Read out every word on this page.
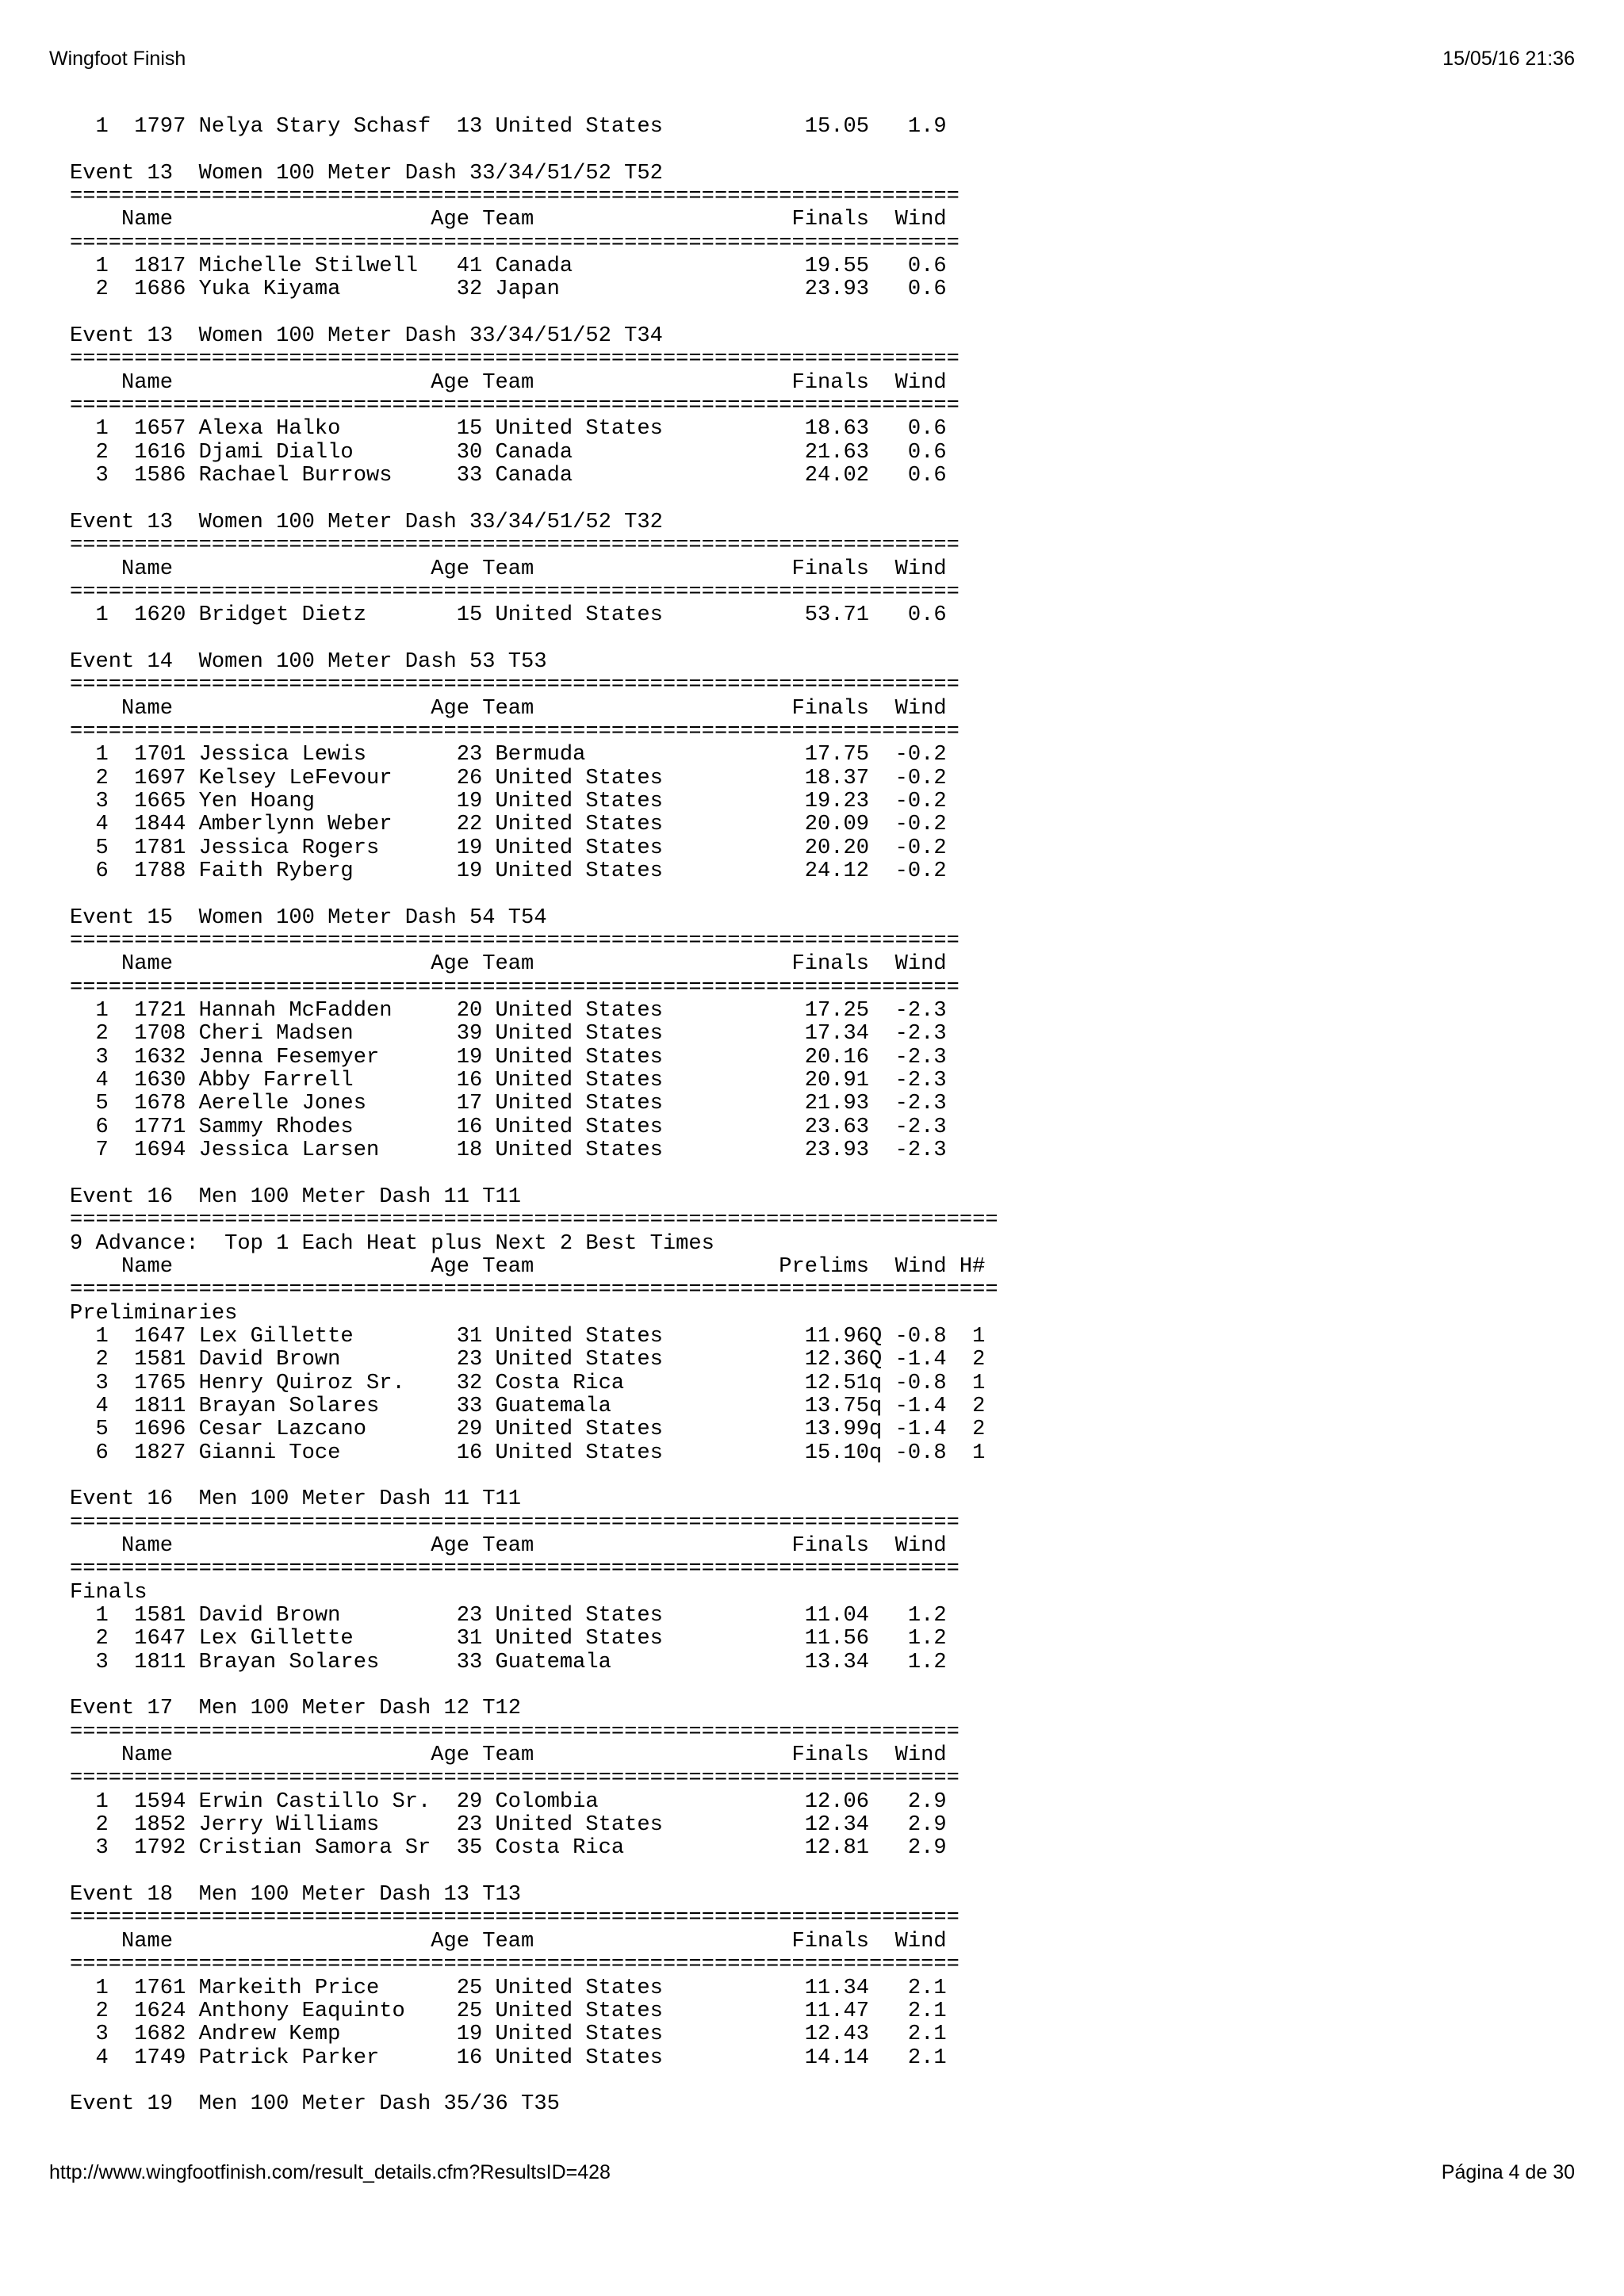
Wingfoot Finish	15/05/16 21:36
1  1797 Nelya Stary Schasf  13 United States           15.05   1.9
Event 13  Women 100 Meter Dash 33/34/51/52 T52
=====================================================================
Name                    Age Team                    Finals  Wind
=====================================================================
1  1817 Michelle Stilwell   41 Canada                  19.55   0.6
2  1686 Yuka Kiyama         32 Japan                   23.93   0.6
Event 13  Women 100 Meter Dash 33/34/51/52 T34
=====================================================================
Name                    Age Team                    Finals  Wind
=====================================================================
1  1657 Alexa Halko         15 United States           18.63   0.6
2  1616 Djami Diallo        30 Canada                  21.63   0.6
3  1586 Rachael Burrows     33 Canada                  24.02   0.6
Event 13  Women 100 Meter Dash 33/34/51/52 T32
=====================================================================
Name                    Age Team                    Finals  Wind
=====================================================================
1  1620 Bridget Dietz       15 United States           53.71   0.6
Event 14  Women 100 Meter Dash 53 T53
=====================================================================
Name                    Age Team                    Finals  Wind
=====================================================================
1  1701 Jessica Lewis       23 Bermuda                 17.75  -0.2
2  1697 Kelsey LeFevour     26 United States           18.37  -0.2
3  1665 Yen Hoang           19 United States           19.23  -0.2
4  1844 Amberlynn Weber     22 United States           20.09  -0.2
5  1781 Jessica Rogers      19 United States           20.20  -0.2
6  1788 Faith Ryberg        19 United States           24.12  -0.2
Event 15  Women 100 Meter Dash 54 T54
=====================================================================
Name                    Age Team                    Finals  Wind
=====================================================================
1  1721 Hannah McFadden     20 United States           17.25  -2.3
2  1708 Cheri Madsen        39 United States           17.34  -2.3
3  1632 Jenna Fesemyer      19 United States           20.16  -2.3
4  1630 Abby Farrell        16 United States           20.91  -2.3
5  1678 Aerelle Jones       17 United States           21.93  -2.3
6  1771 Sammy Rhodes        16 United States           23.63  -2.3
7  1694 Jessica Larsen      18 United States           23.93  -2.3
Event 16  Men 100 Meter Dash 11 T11
========================================================================
9 Advance:  Top 1 Each Heat plus Next 2 Best Times
Name                    Age Team                   Prelims  Wind H#
========================================================================
Preliminaries
1  1647 Lex Gillette        31 United States           11.96Q -0.8  1
2  1581 David Brown         23 United States           12.36Q -1.4  2
3  1765 Henry Quiroz Sr.    32 Costa Rica              12.51q -0.8  1
4  1811 Brayan Solares      33 Guatemala               13.75q -1.4  2
5  1696 Cesar Lazcano       29 United States           13.99q -1.4  2
6  1827 Gianni Toce         16 United States           15.10q -0.8  1
Event 16  Men 100 Meter Dash 11 T11
=====================================================================
Name                    Age Team                    Finals  Wind
=====================================================================
Finals
1  1581 David Brown         23 United States           11.04   1.2
2  1647 Lex Gillette        31 United States           11.56   1.2
3  1811 Brayan Solares      33 Guatemala               13.34   1.2
Event 17  Men 100 Meter Dash 12 T12
=====================================================================
Name                    Age Team                    Finals  Wind
=====================================================================
1  1594 Erwin Castillo Sr.  29 Colombia                12.06   2.9
2  1852 Jerry Williams      23 United States           12.34   2.9
3  1792 Cristian Samora Sr  35 Costa Rica              12.81   2.9
Event 18  Men 100 Meter Dash 13 T13
=====================================================================
Name                    Age Team                    Finals  Wind
=====================================================================
1  1761 Markeith Price      25 United States           11.34   2.1
2  1624 Anthony Eaquinto    25 United States           11.47   2.1
3  1682 Andrew Kemp         19 United States           12.43   2.1
4  1749 Patrick Parker      16 United States           14.14   2.1
Event 19  Men 100 Meter Dash 35/36 T35
http://www.wingfootfinish.com/result_details.cfm?ResultsID=428	Página 4 de 30
